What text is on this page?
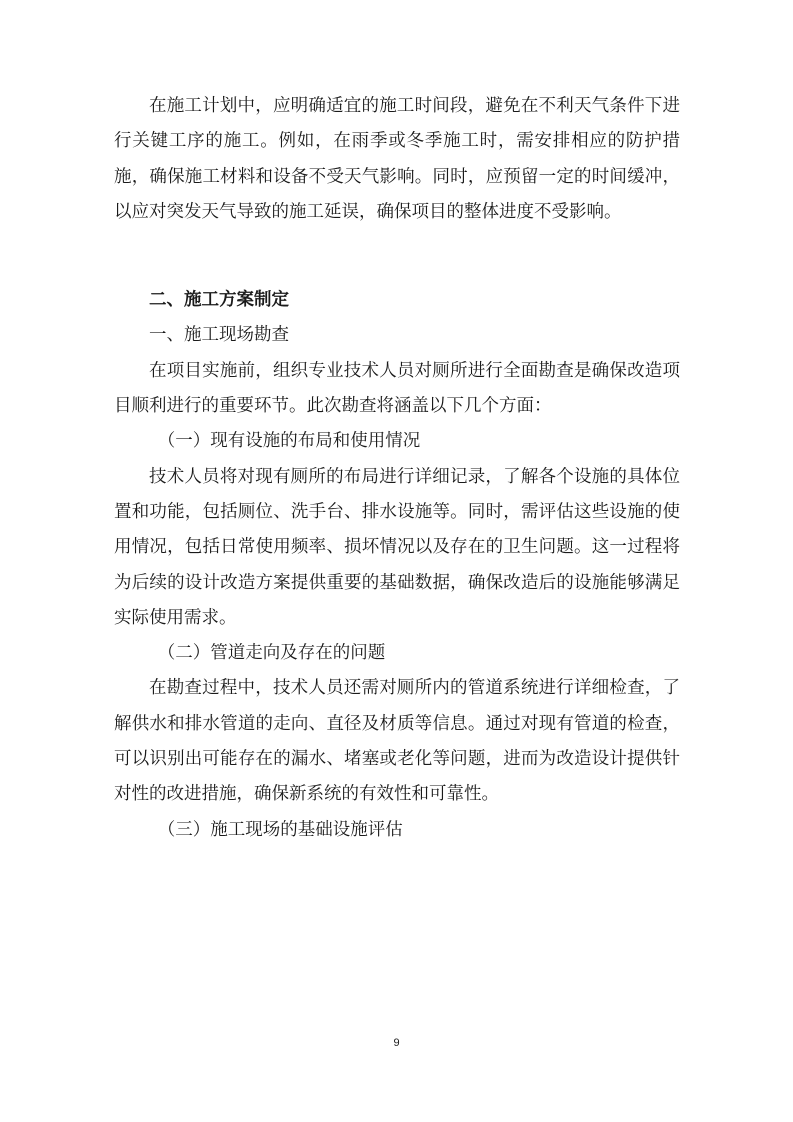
在施工计划中，应明确适宜的施工时间段，避免在不利天气条件下进行关键工序的施工。例如，在雨季或冬季施工时，需安排相应的防护措施，确保施工材料和设备不受天气影响。同时，应预留一定的时间缓冲，以应对突发天气导致的施工延误，确保项目的整体进度不受影响。

二、施工方案制定

一、施工现场勘查

在项目实施前，组织专业技术人员对厕所进行全面勘查是确保改造项目顺利进行的重要环节。此次勘查将涵盖以下几个方面：

（一）现有设施的布局和使用情况

技术人员将对现有厕所的布局进行详细记录，了解各个设施的具体位置和功能，包括厕位、洗手台、排水设施等。同时，需评估这些设施的使用情况，包括日常使用频率、损坏情况以及存在的卫生问题。这一过程将为后续的设计改造方案提供重要的基础数据，确保改造后的设施能够满足实际使用需求。

（二）管道走向及存在的问题

在勘查过程中，技术人员还需对厕所内的管道系统进行详细检查，了解供水和排水管道的走向、直径及材质等信息。通过对现有管道的检查，可以识别出可能存在的漏水、堵塞或老化等问题，进而为改造设计提供针对性的改进措施，确保新系统的有效性和可靠性。

（三）施工现场的基础设施评估

9
